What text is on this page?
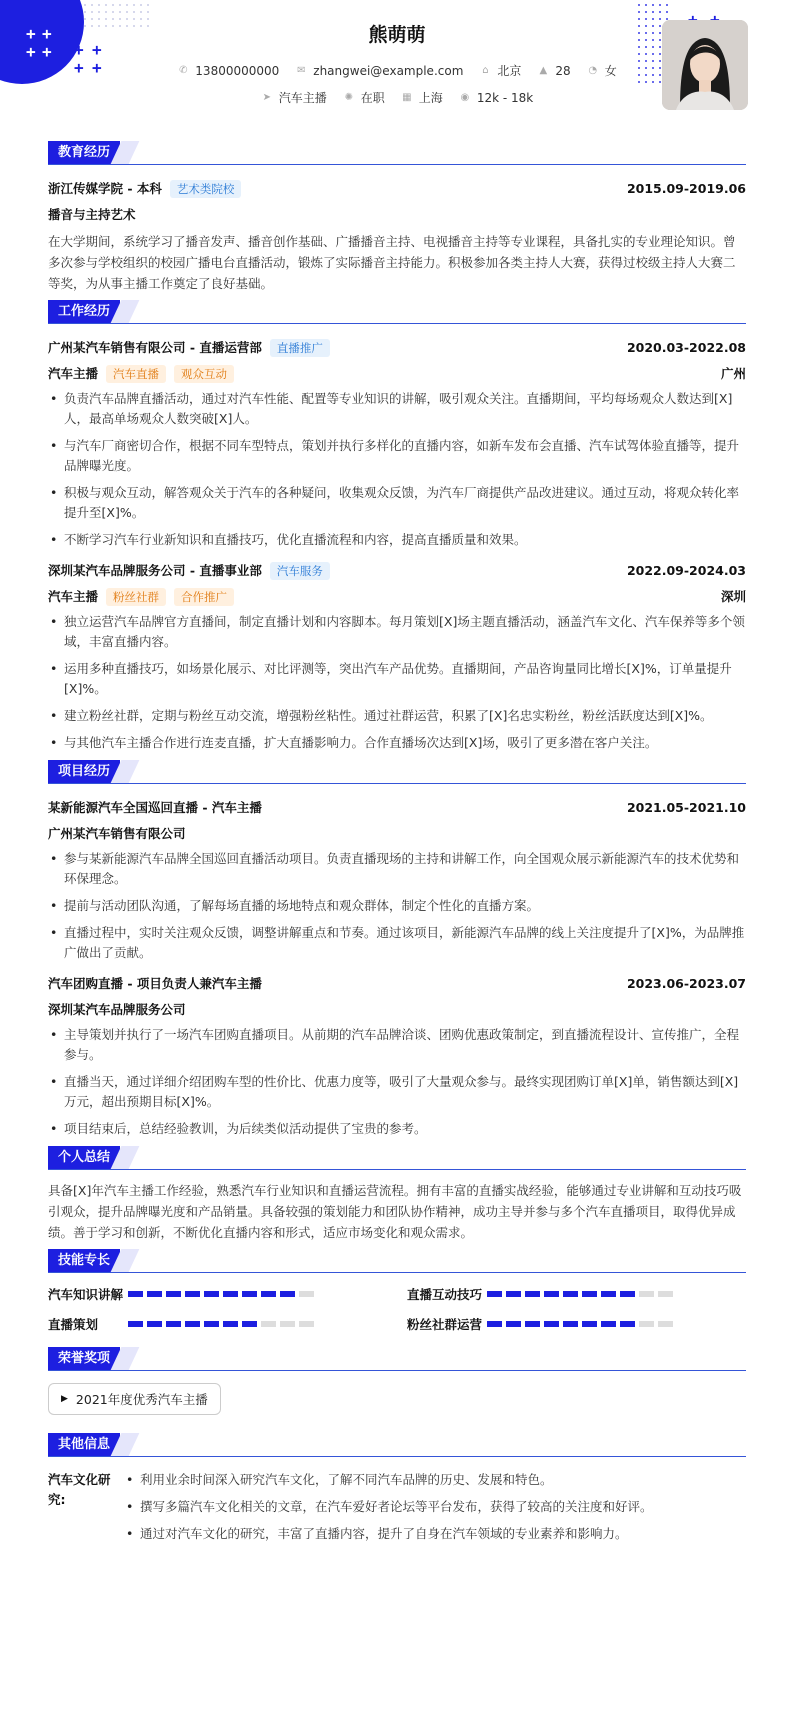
+ +
+ + + +
+ +
熊萌萌
✆ 13800000000 ✉ zhangwei@example.com ⌂ 北京 ▲ 28 ◔ 女
➤ 汽车主播 ✺ 在职 ▦ 上海 ◉ 12k - 18k
教育经历
浙江传媒学院 - 本科 艺术类院校	2015.09-2019.06
播音与主持艺术
在大学期间，系统学习了播音发声、播音创作基础、广播播音主持、电视播音主持等专业课程，具备扎实的专业理论知识。曾多次参与学校组织的校园广播电台直播活动，锻炼了实际播音主持能力。积极参加各类主持人大赛，获得过校级主持人大赛二等奖，为从事主播工作奠定了良好基础。
工作经历
广州某汽车销售有限公司 - 直播运营部 直播推广	2020.03-2022.08
汽车主播 汽车直播 观众互动	广州
• 负责汽车品牌直播活动，通过对汽车性能、配置等专业知识的讲解，吸引观众关注。直播期间，平均每场观众人数达到[X]人，最高单场观众人数突破[X]人。
• 与汽车厂商密切合作，根据不同车型特点，策划并执行多样化的直播内容，如新车发布会直播、汽车试驾体验直播等，提升品牌曝光度。
• 积极与观众互动，解答观众关于汽车的各种疑问，收集观众反馈，为汽车厂商提供产品改进建议。通过互动，将观众转化率提升至[X]%。
• 不断学习汽车行业新知识和直播技巧，优化直播流程和内容，提高直播质量和效果。
深圳某汽车品牌服务公司 - 直播事业部 汽车服务	2022.09-2024.03
汽车主播 粉丝社群 合作推广	深圳
• 独立运营汽车品牌官方直播间，制定直播计划和内容脚本。每月策划[X]场主题直播活动，涵盖汽车文化、汽车保养等多个领域，丰富直播内容。
• 运用多种直播技巧，如场景化展示、对比评测等，突出汽车产品优势。直播期间，产品咨询量同比增长[X]%，订单量提升[X]%。
• 建立粉丝社群，定期与粉丝互动交流，增强粉丝粘性。通过社群运营，积累了[X]名忠实粉丝，粉丝活跃度达到[X]%。
• 与其他汽车主播合作进行连麦直播，扩大直播影响力。合作直播场次达到[X]场，吸引了更多潜在客户关注。
项目经历
某新能源汽车全国巡回直播 - 汽车主播	2021.05-2021.10
广州某汽车销售有限公司
• 参与某新能源汽车品牌全国巡回直播活动项目。负责直播现场的主持和讲解工作，向全国观众展示新能源汽车的技术优势和环保理念。
• 提前与活动团队沟通，了解每场直播的场地特点和观众群体，制定个性化的直播方案。
• 直播过程中，实时关注观众反馈，调整讲解重点和节奏。通过该项目，新能源汽车品牌的线上关注度提升了[X]%，为品牌推广做出了贡献。
汽车团购直播 - 项目负责人兼汽车主播	2023.06-2023.07
深圳某汽车品牌服务公司
• 主导策划并执行了一场汽车团购直播项目。从前期的汽车品牌洽谈、团购优惠政策制定，到直播流程设计、宣传推广，全程参与。
• 直播当天，通过详细介绍团购车型的性价比、优惠力度等，吸引了大量观众参与。最终实现团购订单[X]单，销售额达到[X]万元，超出预期目标[X]%。
• 项目结束后，总结经验教训，为后续类似活动提供了宝贵的参考。
个人总结
具备[X]年汽车主播工作经验，熟悉汽车行业知识和直播运营流程。拥有丰富的直播实战经验，能够通过专业讲解和互动技巧吸引观众，提升品牌曝光度和产品销量。具备较强的策划能力和团队协作精神，成功主导并参与多个汽车直播项目，取得优异成绩。善于学习和创新，不断优化直播内容和形式，适应市场变化和观众需求。
技能专长
汽车知识讲解	直播互动技巧
直播策划	粉丝社群运营
荣誉奖项
▶ 2021年度优秀汽车主播
其他信息
汽车文化研究:
• 利用业余时间深入研究汽车文化，了解不同汽车品牌的历史、发展和特色。
• 撰写多篇汽车文化相关的文章，在汽车爱好者论坛等平台发布，获得了较高的关注度和好评。
• 通过对汽车文化的研究，丰富了直播内容，提升了自身在汽车领域的专业素养和影响力。
